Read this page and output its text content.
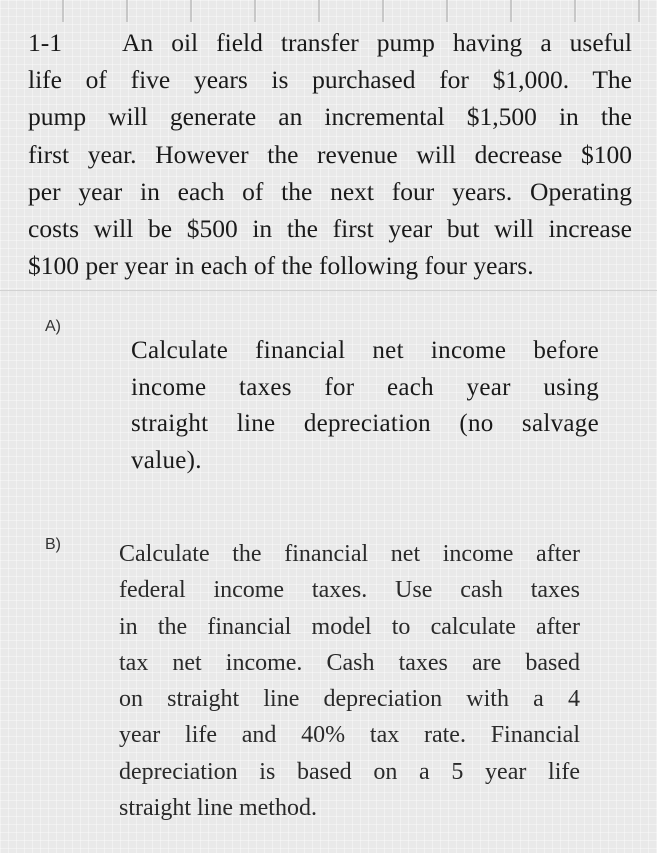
1-1 An oil field transfer pump having a useful
life of five years is purchased for $1,000. The
pump will generate an incremental $1,500 in the
first year. However the revenue will decrease $100
per year in each of the next four years. Operating
costs will be $500 in the first year but will increase
$100 per year in each of the following four years.
A)
Calculate financial net income before
income taxes for each year using
straight line depreciation (no salvage
value).
B) Calculate the financial net income after
federal income taxes. Use cash taxes
in the financial model to calculate after
tax net income. Cash taxes are based
on straight line depreciation with a 4
year life and 40% tax rate. Financial
depreciation is based on a 5 year life
straight line method.
